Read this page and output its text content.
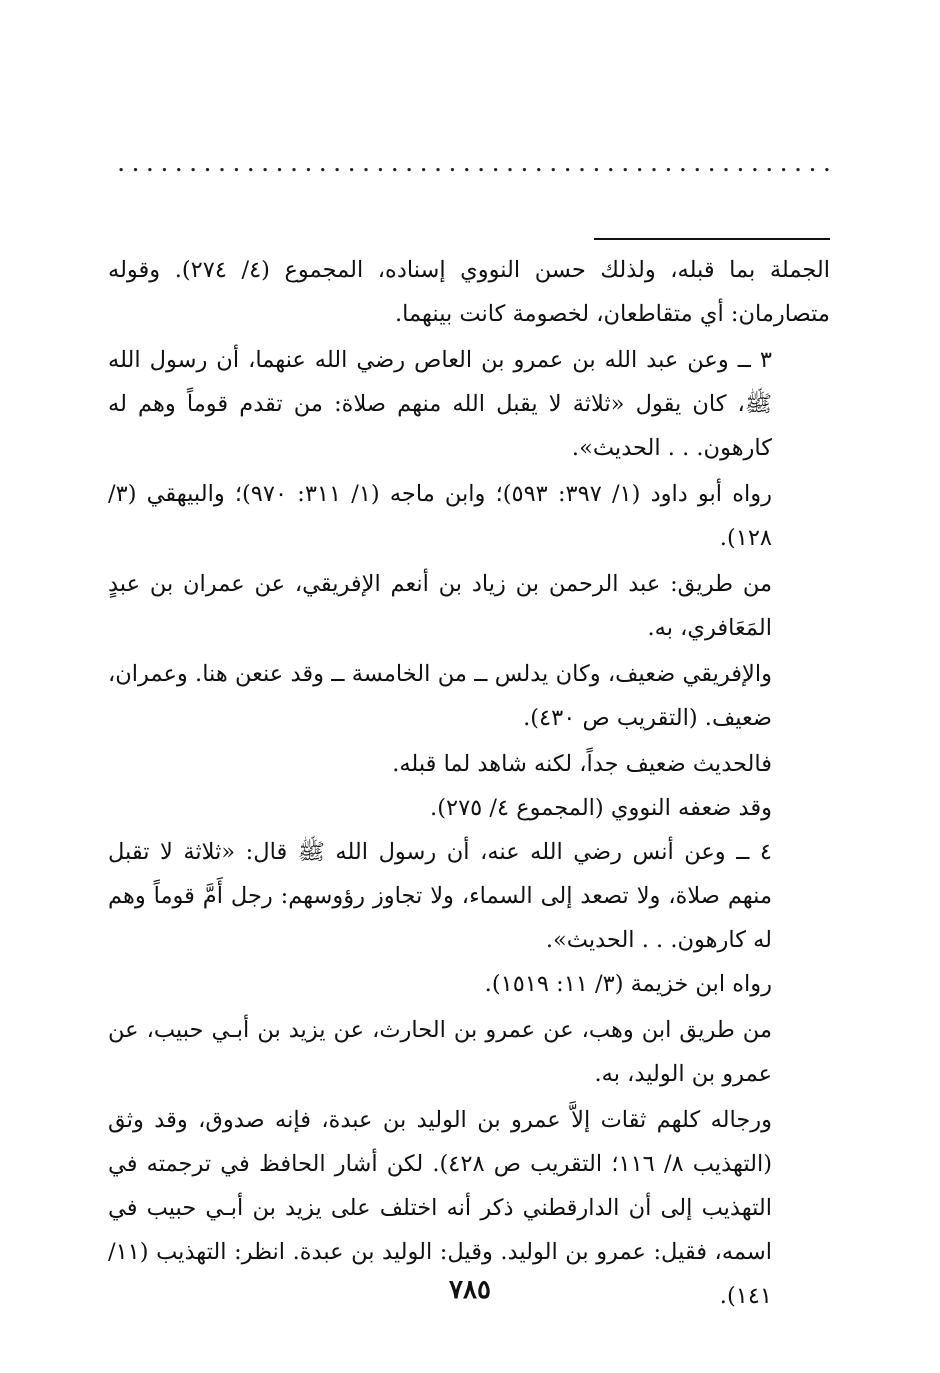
. . . . . . . . . . . . . . . . . . . . . . . . . . . . . . . . . . . . . . . . . . . . . . . . . .

الجملة بما قبله، ولذلك حسن النووي إسناده، المجموع (٤/ ٢٧٤). وقوله متصارمان: أي متقاطعان، لخصومة كانت بينهما.

٣ ــ وعن عبد الله بن عمرو بن العاص رضي الله عنهما، أن رسول الله ﷺ، كان يقول «ثلاثة لا يقبل الله منهم صلاة: من تقدم قوماً وهم له كارهون. . . الحديث».

رواه أبو داود (١/ ٣٩٧: ٥٩٣)؛ وابن ماجه (١/ ٣١١: ٩٧٠)؛ والبيهقي (٣/ ١٢٨).

من طريق: عبد الرحمن بن زياد بن أنعم الإفريقي، عن عمران بن عبدٍ المَعَافري، به.

والإفريقي ضعيف، وكان يدلس ــ من الخامسة ــ وقد عنعن هنا. وعمران، ضعيف. (التقريب ص ٤٣٠).

فالحديث ضعيف جداً، لكنه شاهد لما قبله.

وقد ضعفه النووي (المجموع ٤/ ٢٧٥).

٤ ــ وعن أنس رضي الله عنه، أن رسول الله ﷺ قال: «ثلاثة لا تقبل منهم صلاة، ولا تصعد إلى السماء، ولا تجاوز رؤوسهم: رجل أَمَّ قوماً وهم له كارهون. . . الحديث».

رواه ابن خزيمة (٣/ ١١: ١٥١٩).

من طريق ابن وهب، عن عمرو بن الحارث، عن يزيد بن أبـي حبيب، عن عمرو بن الوليد، به.

ورجاله كلهم ثقات إلاَّ عمرو بن الوليد بن عبدة، فإنه صدوق، وقد وثق (التهذيب ٨/ ١١٦؛ التقريب ص ٤٢٨). لكن أشار الحافظ في ترجمته في التهذيب إلى أن الدارقطني ذكر أنه اختلف على يزيد بن أبـي حبيب في اسمه، فقيل: عمرو بن الوليد. وقيل: الوليد بن عبدة. انظر: التهذيب (١١/ ١٤١).

٧٨٥
